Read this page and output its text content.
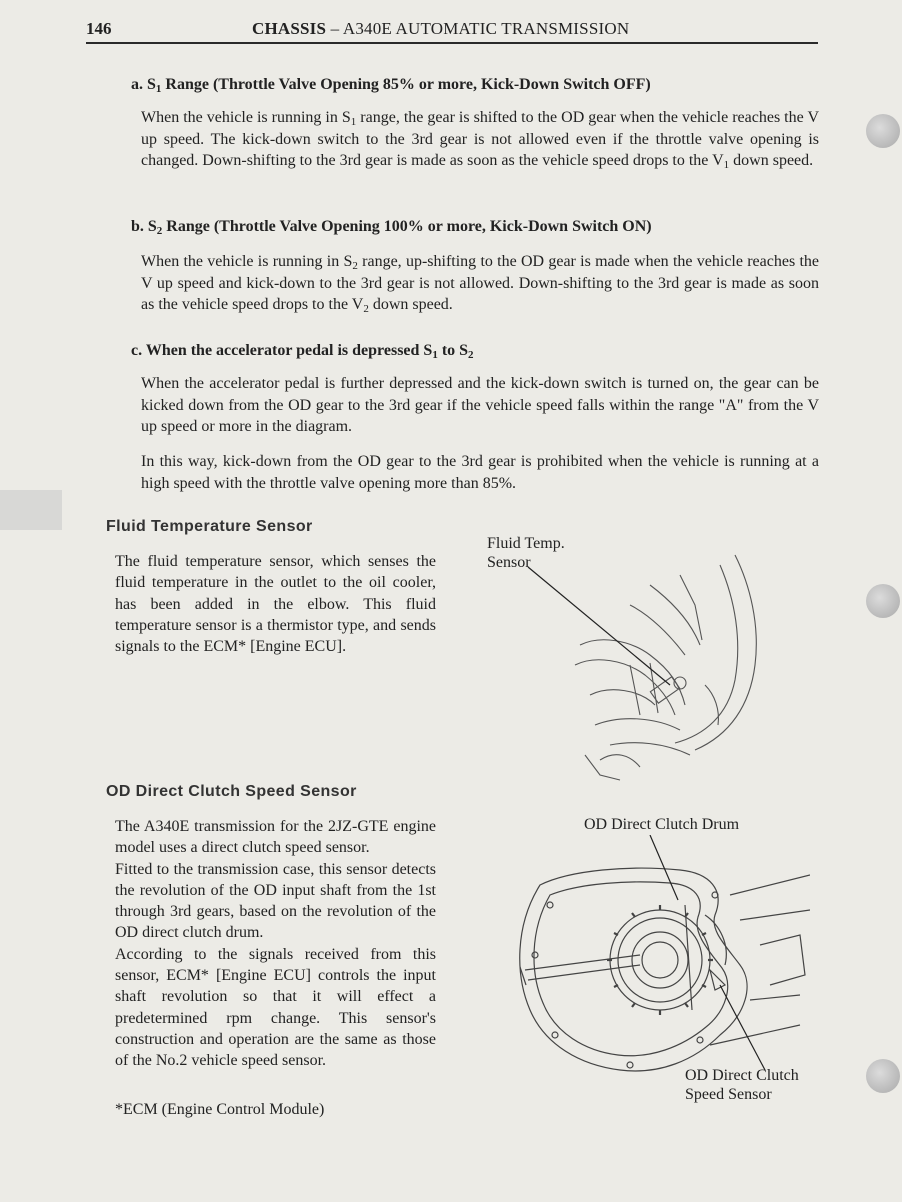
146	CHASSIS – A340E AUTOMATIC TRANSMISSION
a. $S_1$ Range (Throttle Valve Opening 85% or more, Kick-Down Switch OFF)
When the vehicle is running in $S_1$ range, the gear is shifted to the OD gear when the vehicle reaches the V up speed. The kick-down switch to the 3rd gear is not allowed even if the throttle valve opening is changed. Down-shifting to the 3rd gear is made as soon as the vehicle speed drops to the $V_1$ down speed.
b. $S_2$ Range (Throttle Valve Opening 100% or more, Kick-Down Switch ON)
When the vehicle is running in $S_2$ range, up-shifting to the OD gear is made when the vehicle reaches the V up speed and kick-down to the 3rd gear is not allowed. Down-shifting to the 3rd gear is made as soon as the vehicle speed drops to the $V_2$ down speed.
c. When the accelerator pedal is depressed $S_1$ to $S_2$
When the accelerator pedal is further depressed and the kick-down switch is turned on, the gear can be kicked down from the OD gear to the 3rd gear if the vehicle speed falls within the range "A" from the V up speed or more in the diagram.
In this way, kick-down from the OD gear to the 3rd gear is prohibited when the vehicle is running at a high speed with the throttle valve opening more than 85%.
Fluid Temperature Sensor
The fluid temperature sensor, which senses the fluid temperature in the outlet to the oil cooler, has been added in the elbow. This fluid temperature sensor is a thermistor type, and sends signals to the ECM* [Engine ECU].
Fluid Temp.
Sensor
OD Direct Clutch Speed Sensor

The A340E transmission for the 2JZ-GTE engine model uses a direct clutch speed sensor.

Fitted to the transmission case, this sensor detects the revolution of the OD input shaft from the 1st through 3rd gears, based on the revolution of the OD direct clutch drum.

According to the signals received from this sensor, ECM* [Engine ECU] controls the input shaft revolution so that it will effect a predetermined rpm change. This sensor's construction and operation are the same as those of the No.2 vehicle speed sensor.

*ECM (Engine Control Module)
OD Direct Clutch Drum
OD Direct Clutch
Speed Sensor
